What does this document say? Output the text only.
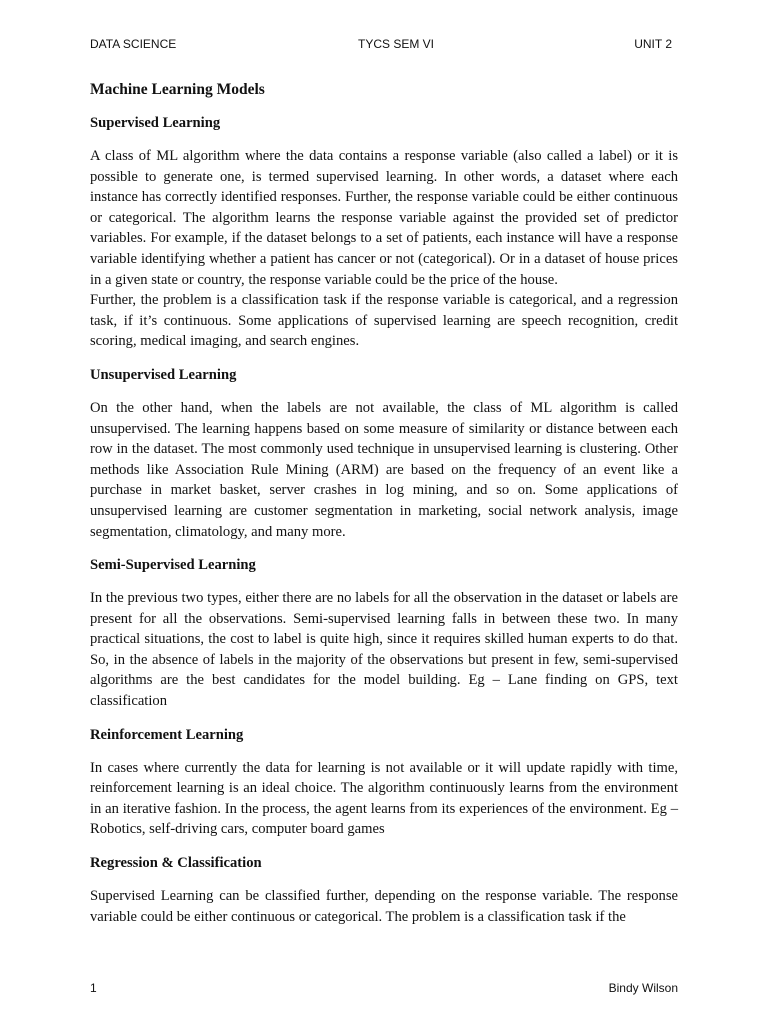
DATA SCIENCE	TYCS SEM VI	UNIT 2
Machine Learning Models
Supervised Learning

A class of ML algorithm where the data contains a response variable (also called a label) or it is possible to generate one, is termed supervised learning. In other words, a dataset where each instance has correctly identified responses. Further, the response variable could be either continuous or categorical. The algorithm learns the response variable against the provided set of predictor variables. For example, if the dataset belongs to a set of patients, each instance will have a response variable identifying whether a patient has cancer or not (categorical). Or in a dataset of house prices in a given state or country, the response variable could be the price of the house.

Further, the problem is a classification task if the response variable is categorical, and a regression task, if it’s continuous. Some applications of supervised learning are speech recognition, credit scoring, medical imaging, and search engines.

Unsupervised Learning

On the other hand, when the labels are not available, the class of ML algorithm is called unsupervised. The learning happens based on some measure of similarity or distance between each row in the dataset. The most commonly used technique in unsupervised learning is clustering. Other methods like Association Rule Mining (ARM) are based on the frequency of an event like a purchase in market basket, server crashes in log mining, and so on. Some applications of unsupervised learning are customer segmentation in marketing, social network analysis, image segmentation, climatology, and many more.

Semi-Supervised Learning

In the previous two types, either there are no labels for all the observation in the dataset or labels are present for all the observations. Semi-supervised learning falls in between these two. In many practical situations, the cost to label is quite high, since it requires skilled human experts to do that. So, in the absence of labels in the majority of the observations but present in few, semi-supervised algorithms are the best candidates for the model building. Eg – Lane finding on GPS, text classification

Reinforcement Learning

In cases where currently the data for learning is not available or it will update rapidly with time, reinforcement learning is an ideal choice. The algorithm continuously learns from the environment in an iterative fashion. In the process, the agent learns from its experiences of the environment. Eg – Robotics, self-driving cars, computer board games

Regression & Classification

Supervised Learning can be classified further, depending on the response variable. The response variable could be either continuous or categorical. The problem is a classification task if the

1	Bindy Wilson
